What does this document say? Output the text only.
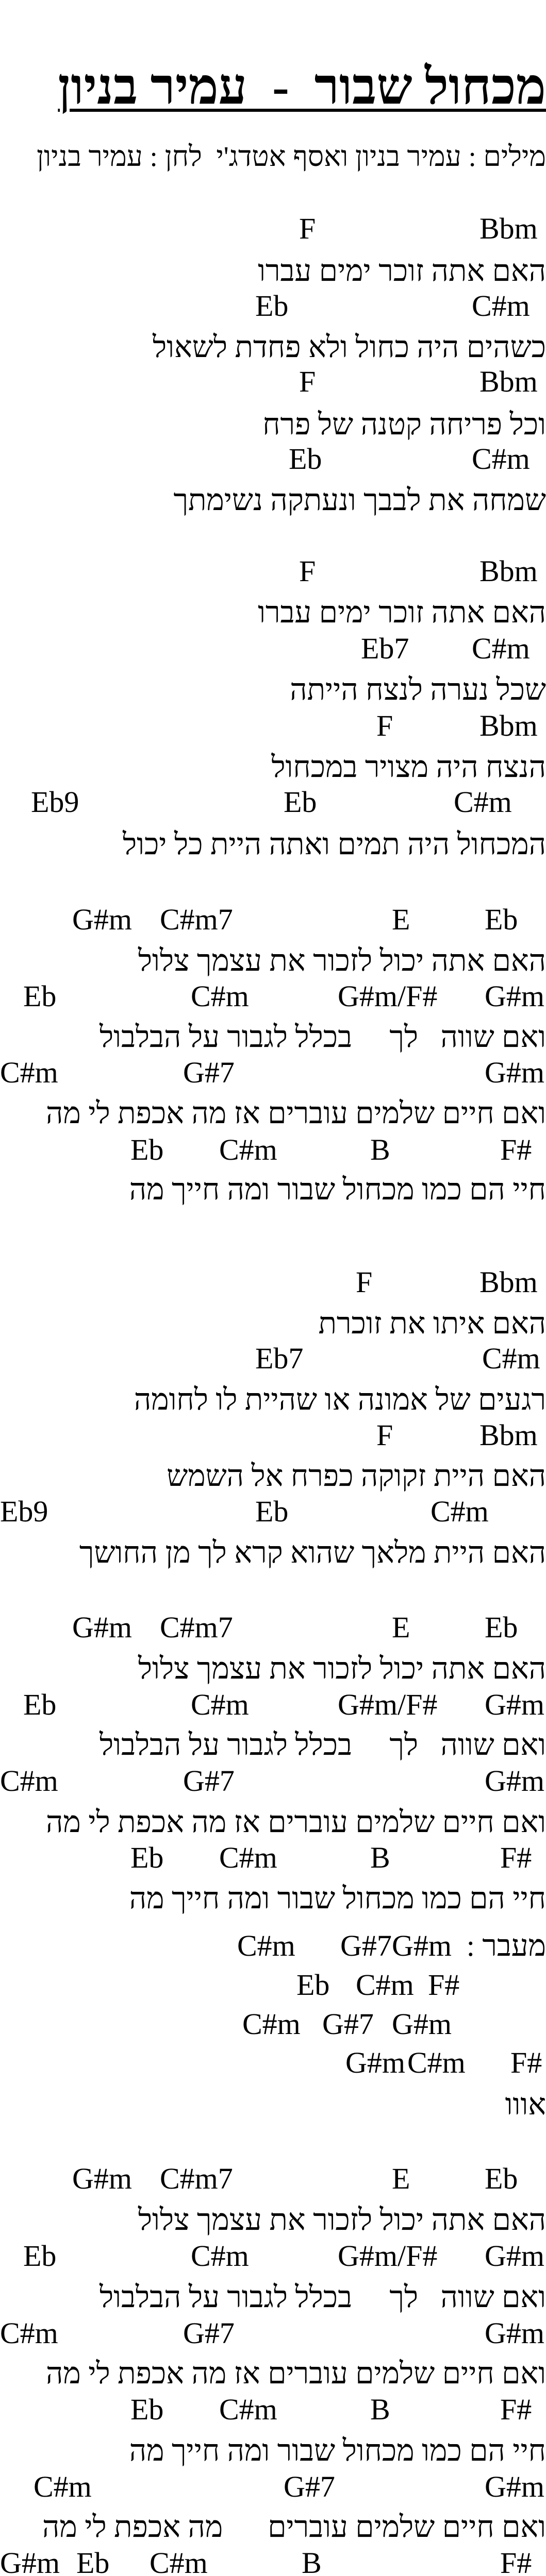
מכחול שבור  -  עמיר בניון
מילים : עמיר בניון ואסף אטדג'י  לחן : עמיר בניון
F	Bbm
האם אתה זוכר ימים עברו
Eb	C#m
כשהים היה כחול ולא פחדת לשאול
F	Bbm
וכל פריחה קטנה של פרח
Eb	C#m
שמחה את לבבך ונעתקה נשימתך
F	Bbm
האם אתה זוכר ימים עברו
Eb7 C#m
שכל נערה לנצח הייתה
F	Bbm
הנצח היה מצויר במכחול
Eb9	Eb	C#m
המכחול היה תמים ואתה היית כל יכול
G#m C#m7	E Eb
האם אתה יכול לזכור את עצמך צלול
Eb	C#m	G#m/F# G#m
ואם שווה   לך     בכלל לגבור על הבלבול
C#m	G#7	G#m
ואם חיים שלמים עוברים אז מה אכפת לי מה
Eb C#m	B	F#
חיי הם כמו מכחול שבור ומה חייך מה
F	Bbm
האם איתו את זוכרת
Eb7	C#m
רגעים של אמונה או שהיית לו לחומה
F	Bbm
האם היית זקוקה כפרח אל השמש
Eb9	Eb	C#m
האם היית מלאך שהוא קרא לך מן החושך
G#m C#m7	E Eb
האם אתה יכול לזכור את עצמך צלול
Eb	C#m	G#m/F# G#m
ואם שווה   לך     בכלל לגבור על הבלבול
C#m	G#7	G#m
ואם חיים שלמים עוברים אז מה אכפת לי מה
Eb C#m	B	F#
חיי הם כמו מכחול שבור ומה חייך מה
מעבר :
C#m G#7 G#m
Eb C#m F#
C#m G#7 G#m
G#m C#m F#
אווו
G#m C#m7	E Eb
האם אתה יכול לזכור את עצמך צלול
Eb	C#m	G#m/F# G#m
ואם שווה   לך     בכלל לגבור על הבלבול
C#m	G#7	G#m
ואם חיים שלמים עוברים אז מה אכפת לי מה
Eb C#m	B	F#
חיי הם כמו מכחול שבור ומה חייך מה
C#m	G#7	G#m
ואם חיים שלמים עוברים      מה אכפת לי מה
G#m Eb C#m	B	F#
